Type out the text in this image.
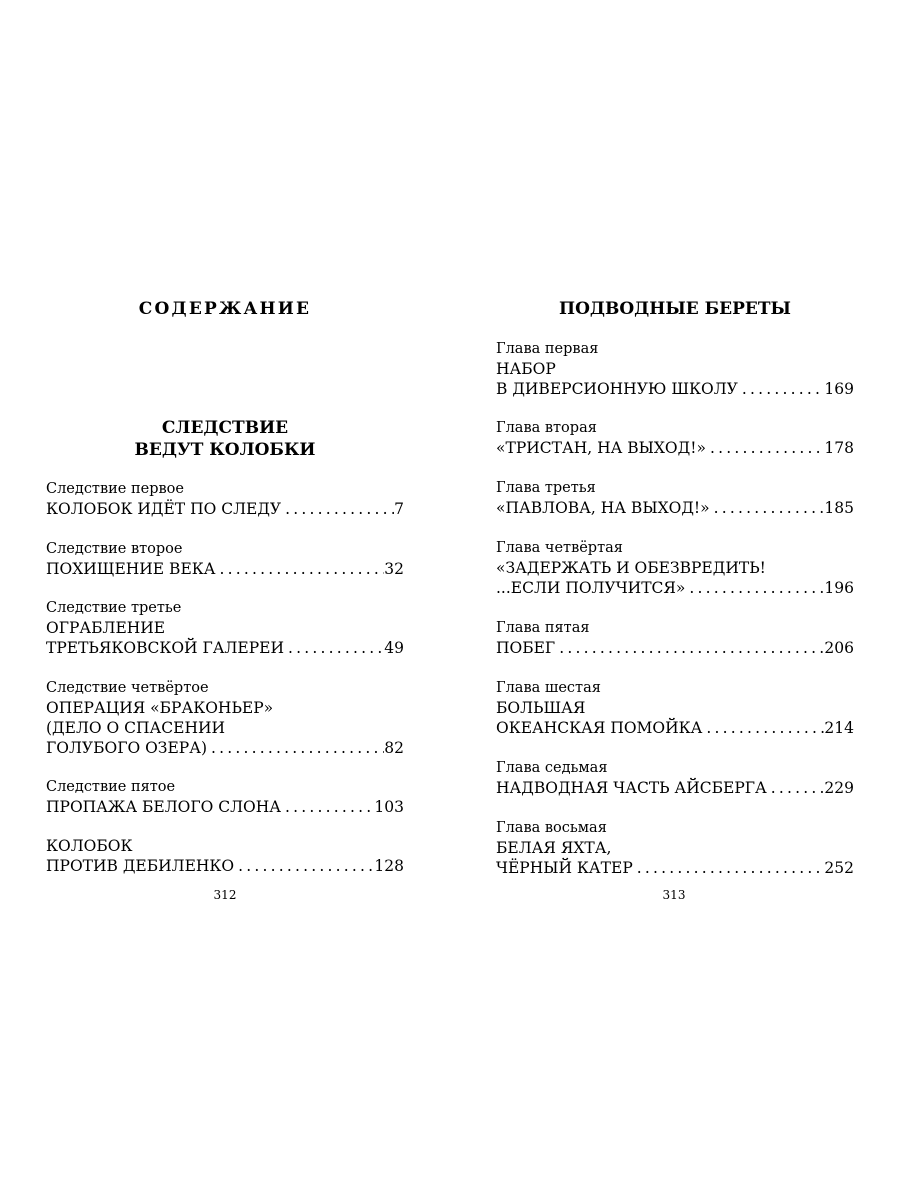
СОДЕРЖАНИЕ
СЛЕДСТВИЕ
ВЕДУТ КОЛОБКИ
Следствие первое
КОЛОБОК ИДЁТ ПО СЛЕДУ .....	7
Следствие второе
ПОХИЩЕНИЕ ВЕКА .....	32
Следствие третье
ОГРАБЛЕНИЕ
ТРЕТЬЯКОВСКОЙ ГАЛЕРЕИ .....	49
Следствие четвёртое
ОПЕРАЦИЯ «БРАКОНЬЕР»
(ДЕЛО О СПАСЕНИИ
ГОЛУБОГО ОЗЕРА) .....	82
Следствие пятое
ПРОПАЖА БЕЛОГО СЛОНА .....	103
КОЛОБОК
ПРОТИВ ДЕБИЛЕНКО .....	128
ПОДВОДНЫЕ БЕРЕТЫ
Глава первая
НАБОР
В ДИВЕРСИОННУЮ ШКОЛУ .....	169
Глава вторая
«ТРИСТАН, НА ВЫХОД!» .....	178
Глава третья
«ПАВЛОВА, НА ВЫХОД!» .....	185
Глава четвёртая
«ЗАДЕРЖАТЬ И ОБЕЗВРЕДИТЬ!
...ЕСЛИ ПОЛУЧИТСЯ» .....	196
Глава пятая
ПОБЕГ .....	206
Глава шестая
БОЛЬШАЯ
ОКЕАНСКАЯ ПОМОЙКА .....	214
Глава седьмая
НАДВОДНАЯ ЧАСТЬ АЙСБЕРГА .....	229
Глава восьмая
БЕЛАЯ ЯХТА,
ЧЁРНЫЙ КАТЕР .....	252
312	313
